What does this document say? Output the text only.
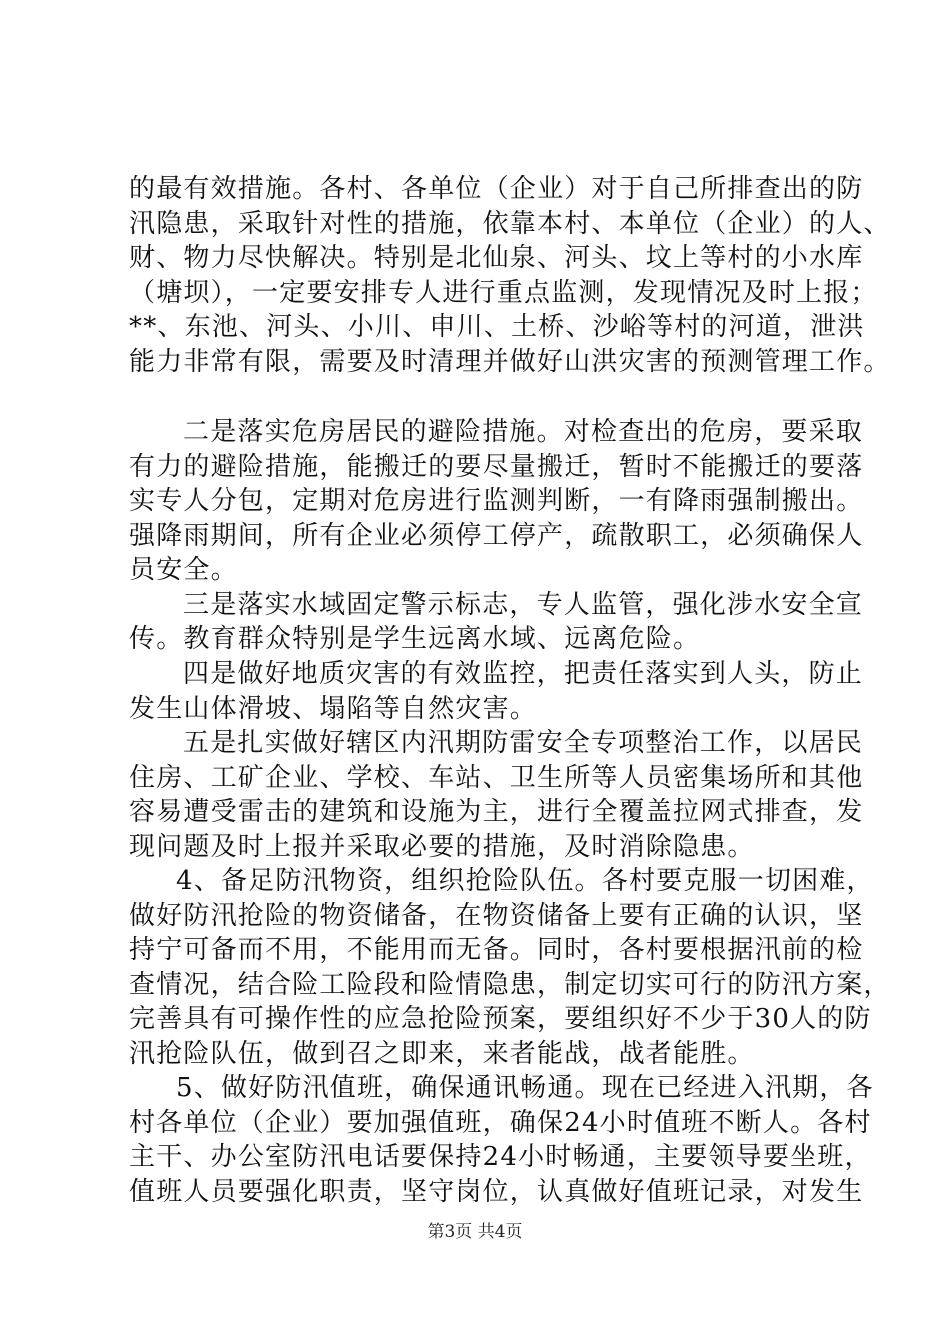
的最有效措施。各村、各单位（企业）对于自己所排查出的防
汛隐患，采取针对性的措施，依靠本村、本单位（企业）的人、
财、物力尽快解决。特别是北仙泉、河头、坟上等村的小水库
（塘坝），一定要安排专人进行重点监测，发现情况及时上报；
**、东池、河头、小川、申川、土桥、沙峪等村的河道，泄洪
能力非常有限，需要及时清理并做好山洪灾害的预测管理工作。
二是落实危房居民的避险措施。对检查出的危房，要采取
有力的避险措施，能搬迁的要尽量搬迁，暂时不能搬迁的要落
实专人分包，定期对危房进行监测判断，一有降雨强制搬出。
强降雨期间，所有企业必须停工停产，疏散职工，必须确保人
员安全。
三是落实水域固定警示标志，专人监管，强化涉水安全宣
传。教育群众特别是学生远离水域、远离危险。
四是做好地质灾害的有效监控，把责任落实到人头，防止
发生山体滑坡、塌陷等自然灾害。
五是扎实做好辖区内汛期防雷安全专项整治工作，以居民
住房、工矿企业、学校、车站、卫生所等人员密集场所和其他
容易遭受雷击的建筑和设施为主，进行全覆盖拉网式排查，发
现问题及时上报并采取必要的措施，及时消除隐患。
4、备足防汛物资，组织抢险队伍。各村要克服一切困难，
做好防汛抢险的物资储备，在物资储备上要有正确的认识，坚
持宁可备而不用，不能用而无备。同时，各村要根据汛前的检
查情况，结合险工险段和险情隐患，制定切实可行的防汛方案，
完善具有可操作性的应急抢险预案，要组织好不少于30人的防
汛抢险队伍，做到召之即来，来者能战，战者能胜。
5、做好防汛值班，确保通讯畅通。现在已经进入汛期，各
村各单位（企业）要加强值班，确保24小时值班不断人。各村
主干、办公室防汛电话要保持24小时畅通，主要领导要坐班，
值班人员要强化职责，坚守岗位，认真做好值班记录，对发生
第3页 共4页
